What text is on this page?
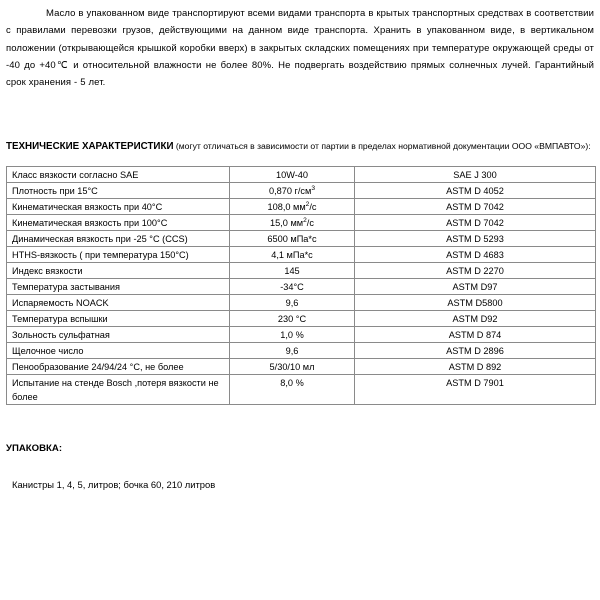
Масло в упакованном виде транспортируют всеми видами транспорта в крытых транспортных средствах в соответствии с правилами перевозки грузов, действующими на данном виде транспорта. Хранить в упакованном виде, в вертикальном положении (открывающейся крышкой коробки вверх) в закрытых складских помещениях при температуре окружающей среды от -40 до +40℃ и относительной влажности не более 80%. Не подвергать воздействию прямых солнечных лучей. Гарантийный срок хранения - 5 лет.

ТЕХНИЧЕСКИЕ ХАРАКТЕРИСТИКИ (могут отличаться в зависимости от партии в пределах нормативной документации ООО «ВМПАВТО»):

Класс вязкости согласно SAE	10W-40	SAE J 300
Плотность при 15°С	0,870 $г/см^3$	ASTM D 4052
Кинематическая вязкость при 40°С	108,0 $мм^2/с$	ASTM D 7042
Кинематическая вязкость при 100°С	15,0 $мм^2/с$	ASTM D 7042
Динамическая вязкость при -25 °С (CCS)	6500 мПа*с	ASTM D 5293
HTHS-вязкость ( при температура 150°С)	4,1 мПа*с	ASTM D 4683
Индекс вязкости	145	ASTM D 2270
Температура застывания	-34°С	ASTM D97
Испаряемость NOACK	9,6	ASTM D5800
Температура вспышки	230 °С	ASTM D92
Зольность сульфатная	1,0 %	ASTM D 874
Щелочное число	9,6	ASTM D 2896
Пенообразование 24/94/24 °С, не более	5/30/10 мл	ASTM D 892
Испытание на стенде Bosch ,потеря вязкости не более	8,0 %	ASTM D 7901

УПАКОВКА:

Канистры 1, 4, 5, литров; бочка 60, 210 литров
